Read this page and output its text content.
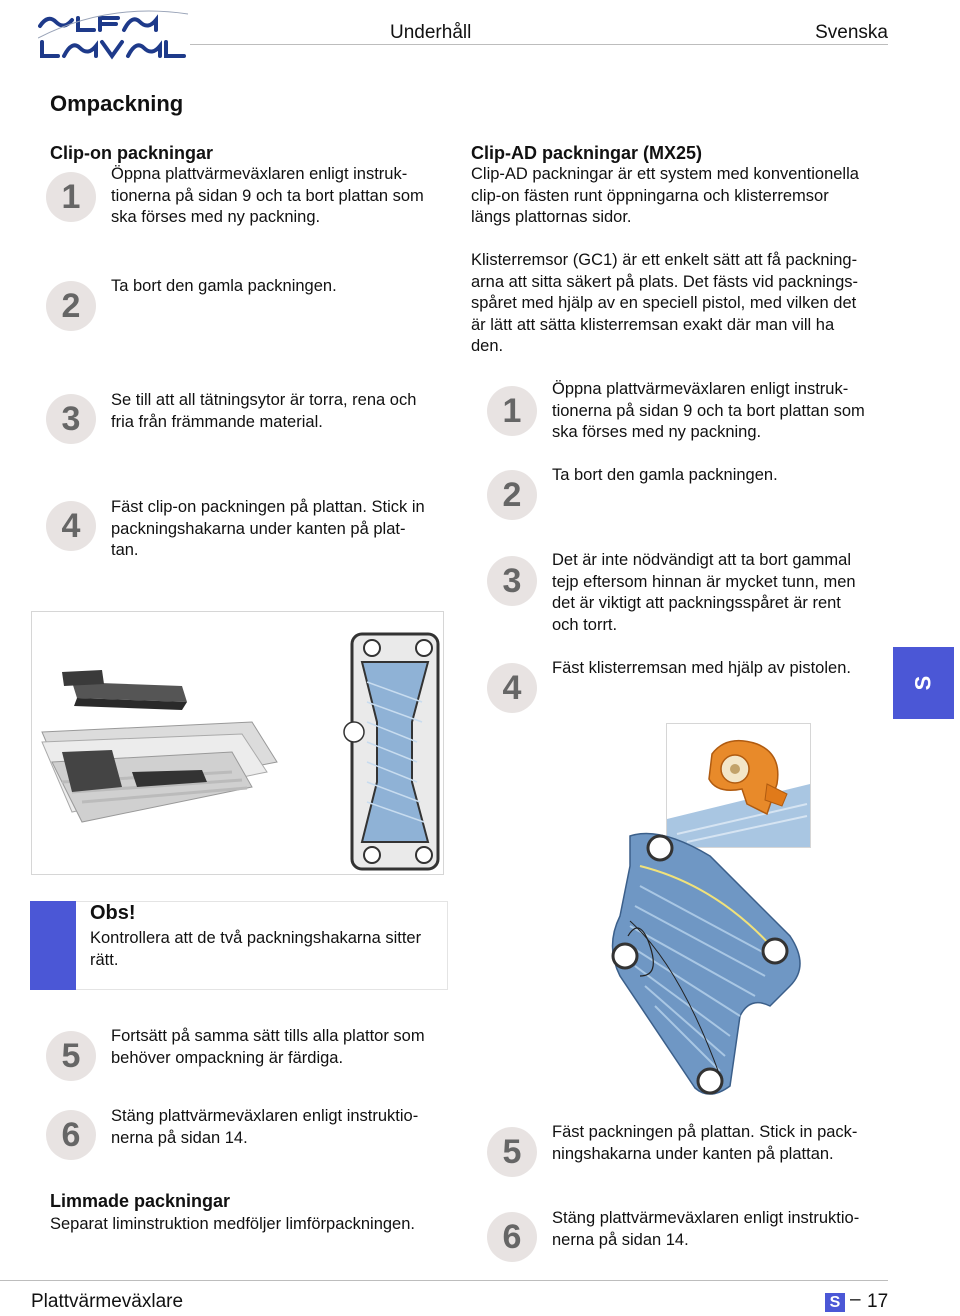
Underhåll	Svenska
Ompackning
Clip-on packningar
1
Öppna plattvärmeväxlaren enligt instruk-
tionerna på sidan 9 och ta bort plattan som
ska förses med ny packning.
2
Ta bort den gamla packningen.
3	Se till att all tätningsytor är torra, rena och
fria från främmande material.
4	Fäst clip-on packningen på plattan. Stick in
packningshakarna under kanten på plat-
tan.
Obs!
Kontrollera att de två packningshakarna sitter
rätt.
5
Fortsätt på samma sätt tills alla plattor som
behöver ompackning är färdiga.
6	Stäng plattvärmeväxlaren enligt instruktio-
nerna på sidan 14.
Limmade packningar
Separat liminstruktion medföljer limförpackningen.
Clip-AD packningar (MX25)
Clip-AD packningar är ett system med konventionella
clip-on fästen runt öppningarna och klisterremsor
längs plattornas sidor.
Klisterremsor (GC1) är ett enkelt sätt att få packning-
arna att sitta säkert på plats. Det fästs vid packnings-
spåret med hjälp av en speciell pistol, med vilken det
är lätt att sätta klisterremsan exakt där man vill ha
den.
1
Öppna plattvärmeväxlaren enligt instruk-
tionerna på sidan 9 och ta bort plattan som
ska förses med ny packning.
2
Ta bort den gamla packningen.
3
Det är inte nödvändigt att ta bort gammal
tejp eftersom hinnan är mycket tunn, men
det är viktigt att packningsspåret är rent
och torrt.
4
Fäst klisterremsan med hjälp av pistolen.
5
Fäst packningen på plattan. Stick in pack-
ningshakarna under kanten på plattan.
6	Stäng plattvärmeväxlaren enligt instruktio-
nerna på sidan 14.
S
Plattvärmeväxlare	S – 17
